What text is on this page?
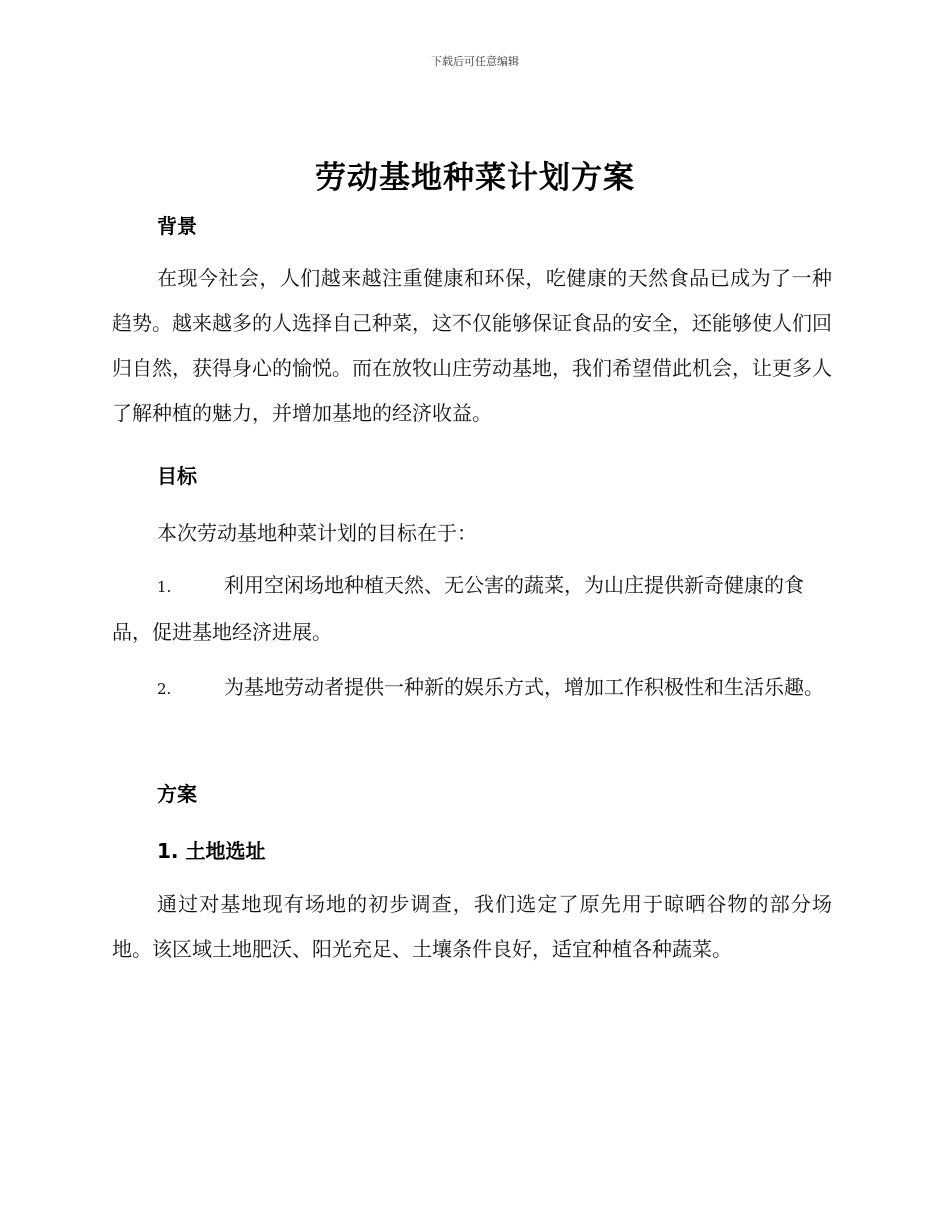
下载后可任意编辑
劳动基地种菜计划方案
背景
在现今社会，人们越来越注重健康和环保，吃健康的天然食品已成为了一种趋势。越来越多的人选择自己种菜，这不仅能够保证食品的安全，还能够使人们回归自然，获得身心的愉悦。而在放牧山庄劳动基地，我们希望借此机会，让更多人了解种植的魅力，并增加基地的经济收益。
目标
本次劳动基地种菜计划的目标在于：
1.	利用空闲场地种植天然、无公害的蔬菜，为山庄提供新奇健康的食品，促进基地经济进展。
2.	为基地劳动者提供一种新的娱乐方式，增加工作积极性和生活乐趣。
方案
1. 土地选址
通过对基地现有场地的初步调查，我们选定了原先用于晾晒谷物的部分场地。该区域土地肥沃、阳光充足、土壤条件良好，适宜种植各种蔬菜。
